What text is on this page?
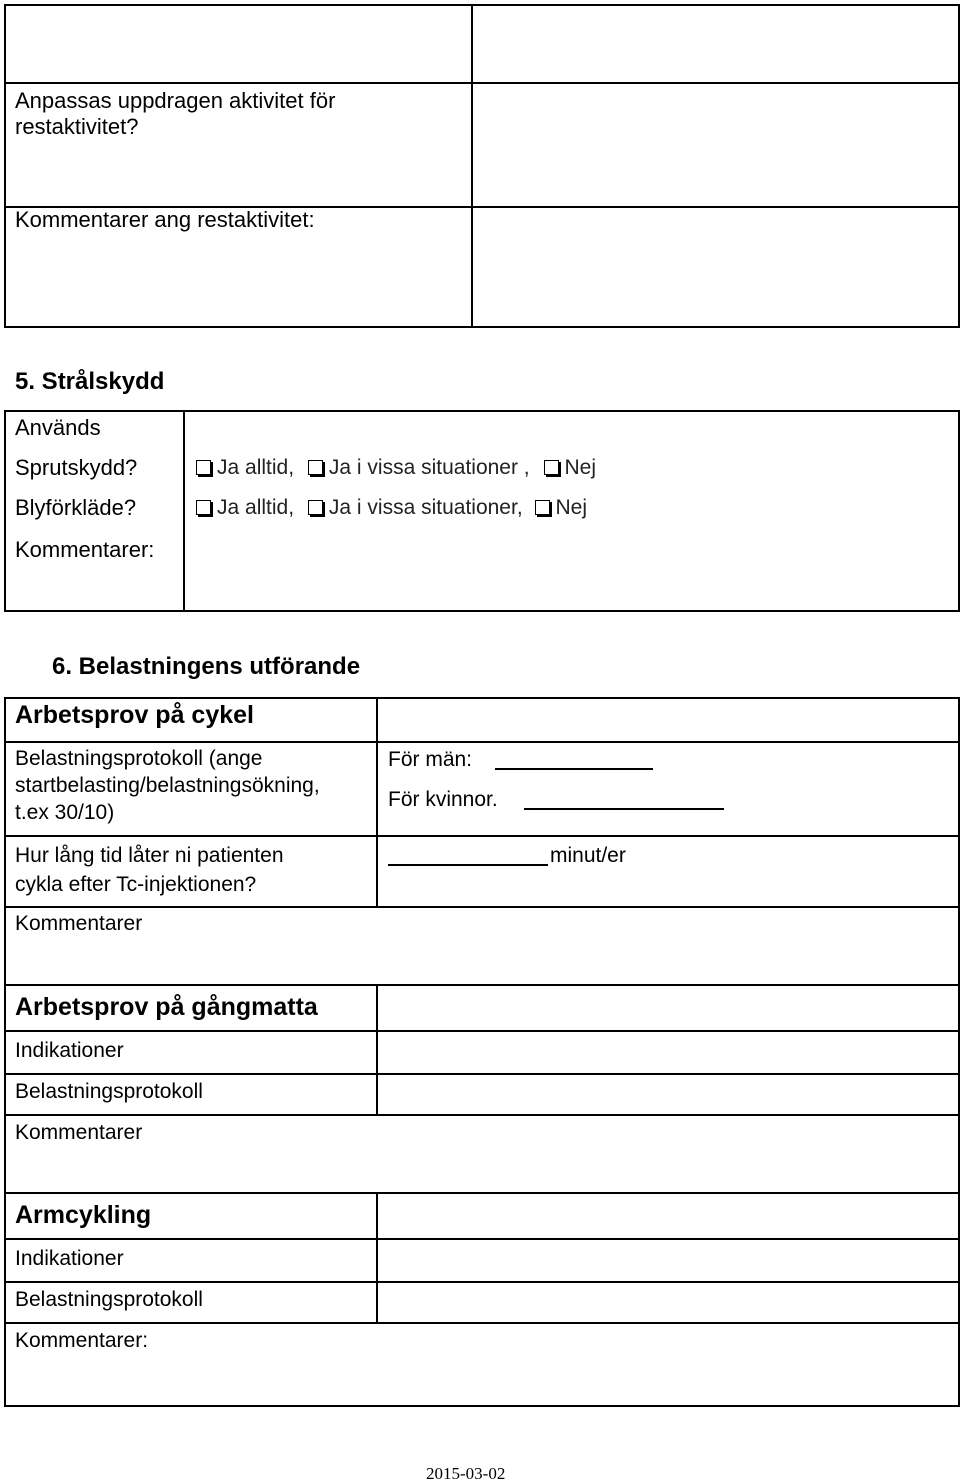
Anpassas uppdragen aktivitet för
restaktivitet?
Kommentarer ang restaktivitet:
5. Strålskydd
Används
Sprutskydd?
Blyförkläde?
Kommentarer:
Ja alltid, Ja i vissa situationer , Nej
Ja alltid, Ja i vissa situationer, Nej
6. Belastningens utförande
Arbetsprov på cykel
Belastningsprotokoll (ange
startbelasting/belastningsökning,
t.ex 30/10)
För män:
För kvinnor.
Hur lång tid låter ni patienten
cykla efter Tc-injektionen?
minut/er
Kommentarer
Arbetsprov på gångmatta
Indikationer
Belastningsprotokoll
Kommentarer
Armcykling
Indikationer
Belastningsprotokoll
Kommentarer:
2015-03-02
